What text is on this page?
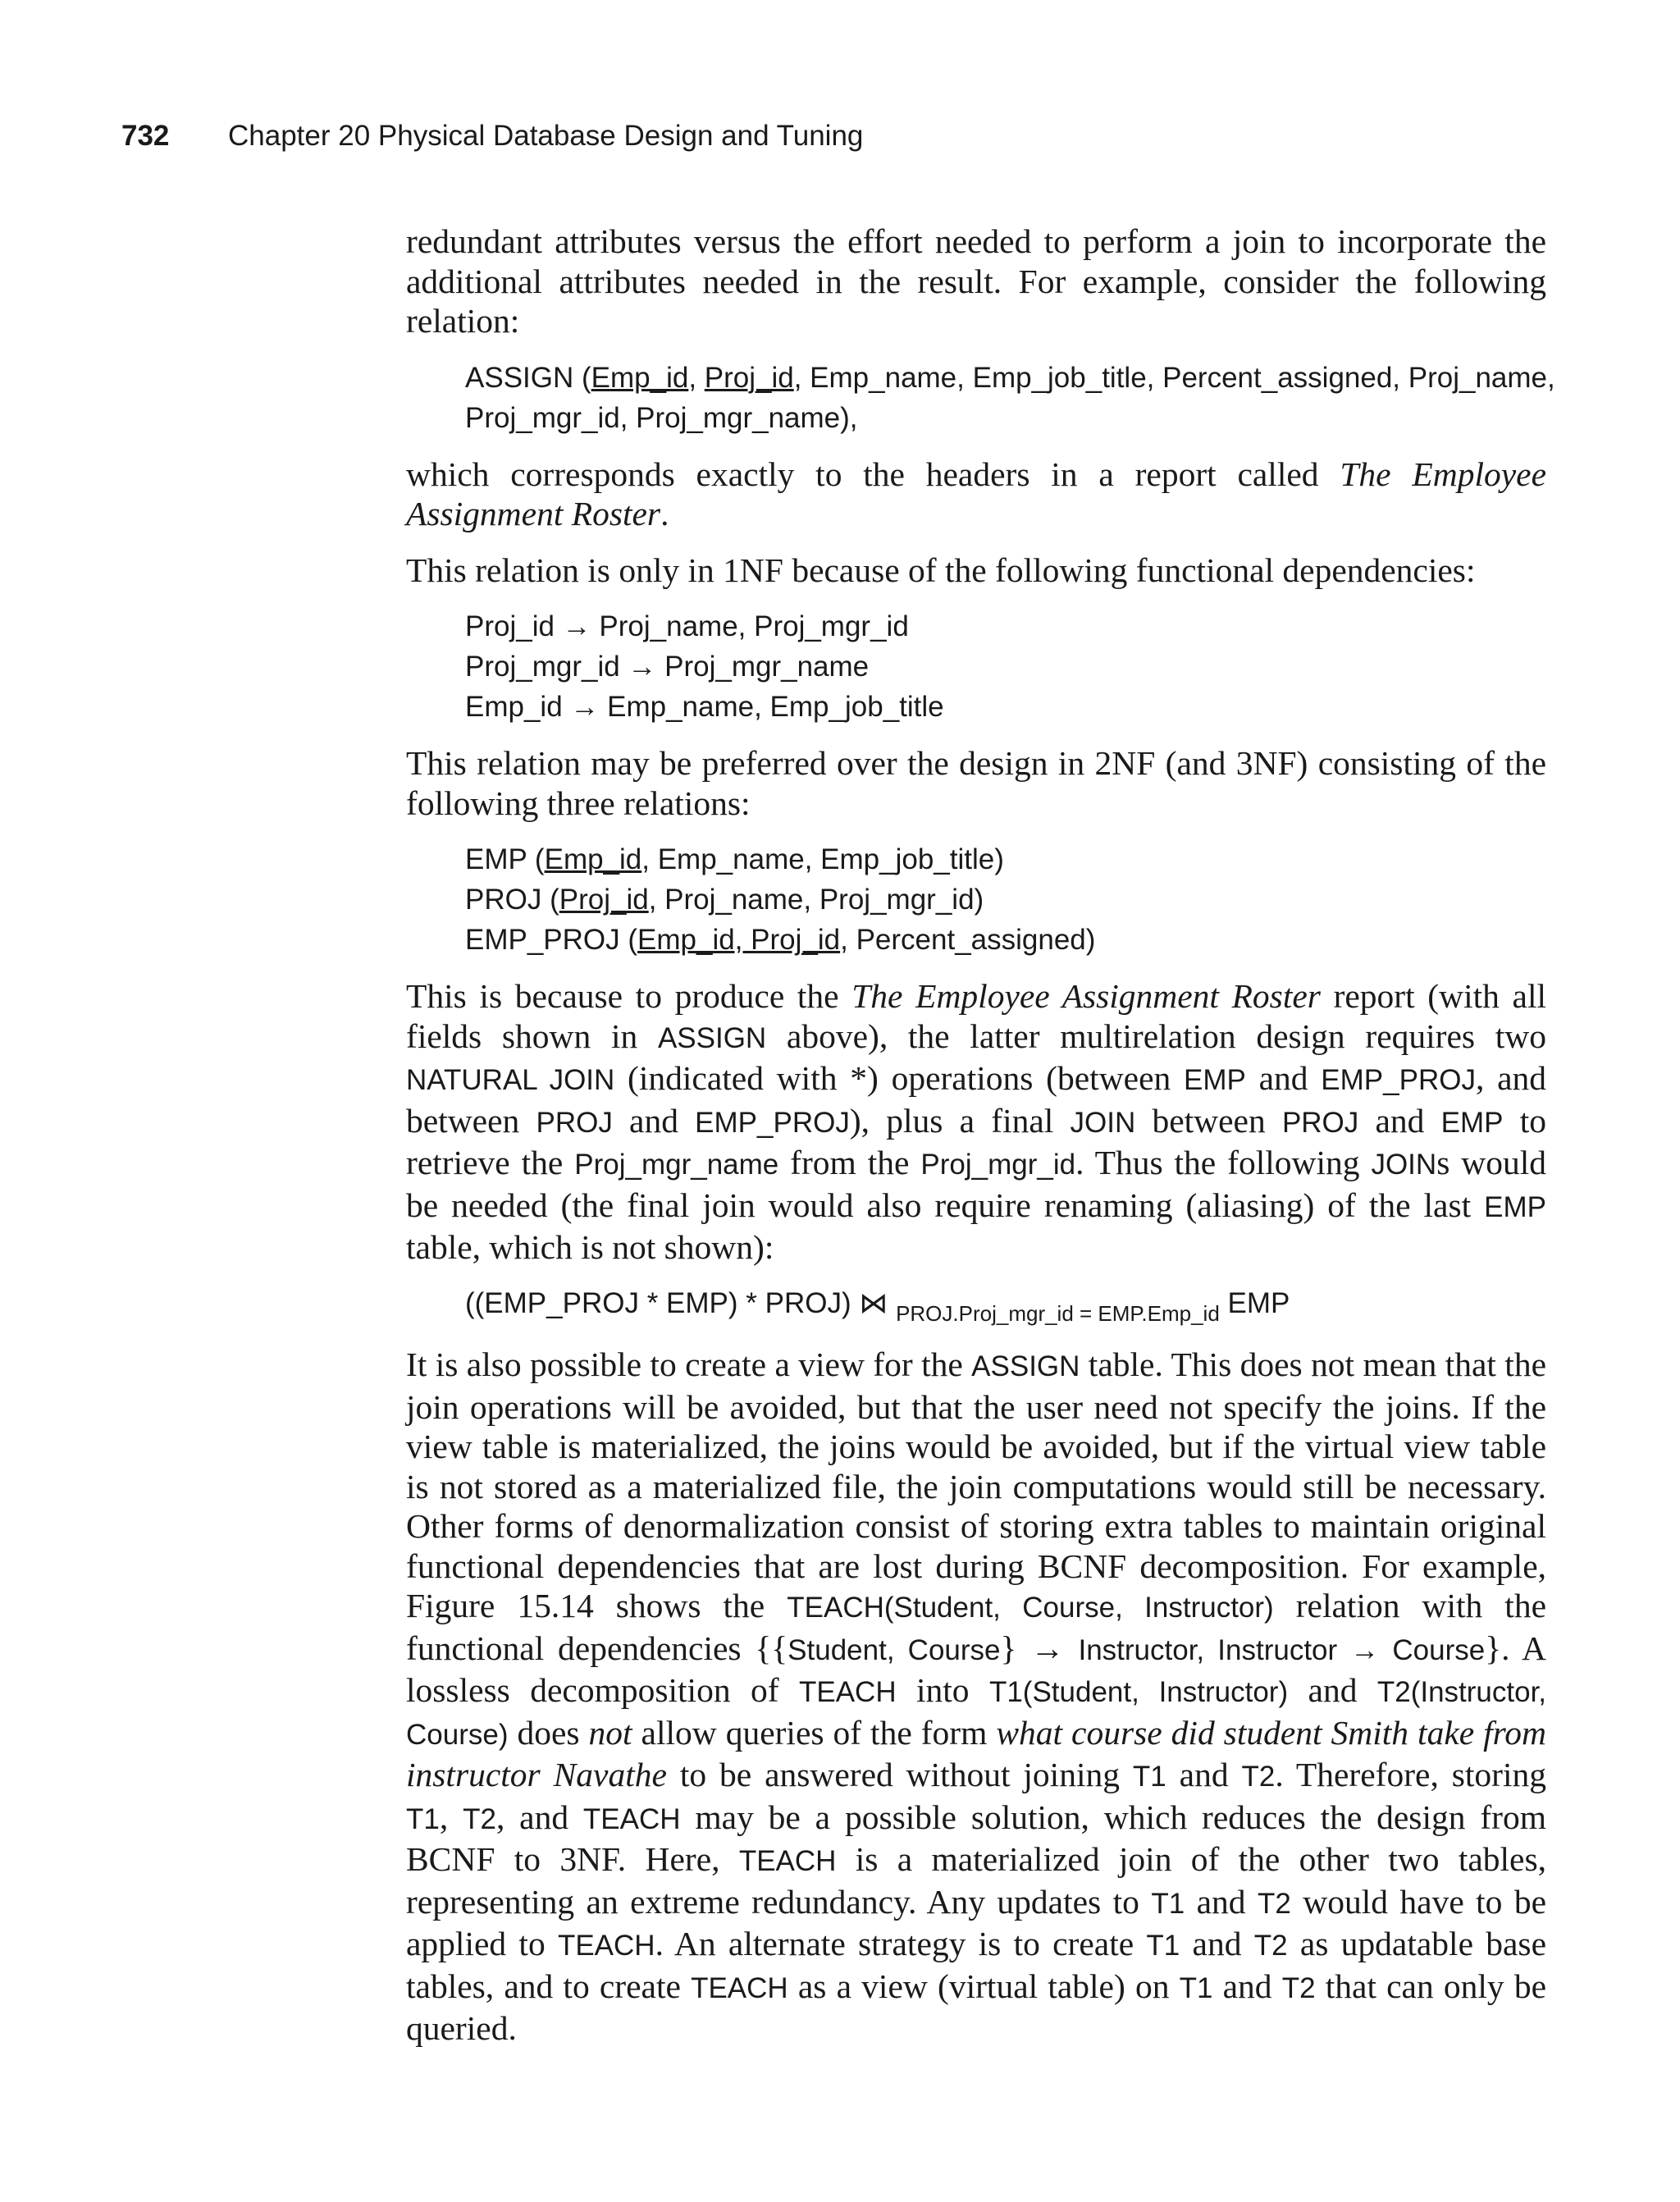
732 Chapter 20 Physical Database Design and Tuning

redundant attributes versus the effort needed to perform a join to incorporate the additional attributes needed in the result. For example, consider the following relation:

ASSIGN (Emp_id, Proj_id, Emp_name, Emp_job_title, Percent_assigned, Proj_name,
Proj_mgr_id, Proj_mgr_name),

which corresponds exactly to the headers in a report called The Employee Assignment Roster.

This relation is only in 1NF because of the following functional dependencies:

Proj_id → Proj_name, Proj_mgr_id
Proj_mgr_id → Proj_mgr_name
Emp_id → Emp_name, Emp_job_title

This relation may be preferred over the design in 2NF (and 3NF) consisting of the following three relations:

EMP (Emp_id, Emp_name, Emp_job_title)
PROJ (Proj_id, Proj_name, Proj_mgr_id)
EMP_PROJ (Emp_id, Proj_id, Percent_assigned)

This is because to produce the The Employee Assignment Roster report (with all fields shown in ASSIGN above), the latter multirelation design requires two NATURAL JOIN (indicated with *) operations (between EMP and EMP_PROJ, and between PROJ and EMP_PROJ), plus a final JOIN between PROJ and EMP to retrieve the Proj_mgr_name from the Proj_mgr_id. Thus the following JOINs would be needed (the final join would also require renaming (aliasing) of the last EMP table, which is not shown):

((EMP_PROJ * EMP) * PROJ) ⋈ $_{PROJ.Proj\_mgr\_id = EMP.Emp\_id}$ EMP

It is also possible to create a view for the ASSIGN table. This does not mean that the join operations will be avoided, but that the user need not specify the joins. If the view table is materialized, the joins would be avoided, but if the virtual view table is not stored as a materialized file, the join computations would still be necessary. Other forms of denormalization consist of storing extra tables to maintain original functional dependencies that are lost during BCNF decomposition. For example, Figure 15.14 shows the TEACH(Student, Course, Instructor) relation with the functional dependencies {{Student, Course} → Instructor, Instructor → Course}. A lossless decomposition of TEACH into T1(Student, Instructor) and T2(Instructor, Course) does not allow queries of the form what course did student Smith take from instructor Navathe to be answered without joining T1 and T2. Therefore, storing T1, T2, and TEACH may be a possible solution, which reduces the design from BCNF to 3NF. Here, TEACH is a materialized join of the other two tables, representing an extreme redundancy. Any updates to T1 and T2 would have to be applied to TEACH. An alternate strategy is to create T1 and T2 as updatable base tables, and to create TEACH as a view (virtual table) on T1 and T2 that can only be queried.
